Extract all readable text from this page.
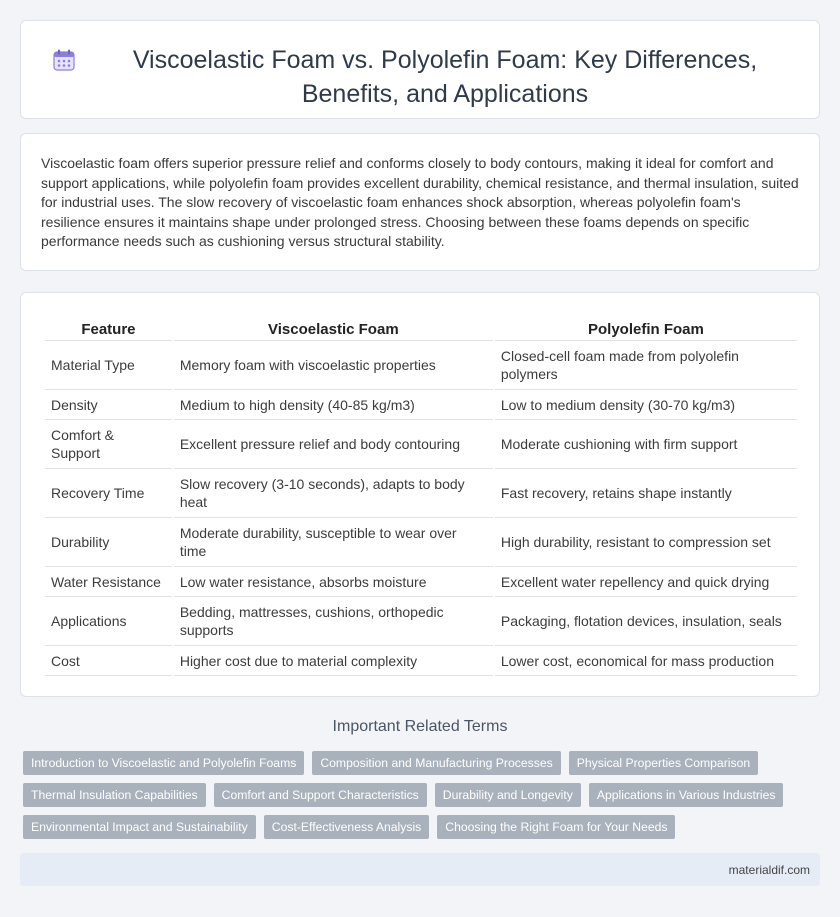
Viscoelastic Foam vs. Polyolefin Foam: Key Differences, Benefits, and Applications

Viscoelastic foam offers superior pressure relief and conforms closely to body contours, making it ideal for comfort and support applications, while polyolefin foam provides excellent durability, chemical resistance, and thermal insulation, suited for industrial uses. The slow recovery of viscoelastic foam enhances shock absorption, whereas polyolefin foam's resilience ensures it maintains shape under prolonged stress. Choosing between these foams depends on specific performance needs such as cushioning versus structural stability.

Feature	Viscoelastic Foam	Polyolefin Foam
Material Type	Memory foam with viscoelastic properties	Closed-cell foam made from polyolefin polymers
Density	Medium to high density (40-85 kg/m3)	Low to medium density (30-70 kg/m3)
Comfort & Support	Excellent pressure relief and body contouring	Moderate cushioning with firm support
Recovery Time	Slow recovery (3-10 seconds), adapts to body heat	Fast recovery, retains shape instantly
Durability	Moderate durability, susceptible to wear over time	High durability, resistant to compression set
Water Resistance	Low water resistance, absorbs moisture	Excellent water repellency and quick drying
Applications	Bedding, mattresses, cushions, orthopedic supports	Packaging, flotation devices, insulation, seals
Cost	Higher cost due to material complexity	Lower cost, economical for mass production
Important Related Terms
Introduction to Viscoelastic and Polyolefin Foams	Composition and Manufacturing Processes	Physical Properties Comparison
Thermal Insulation Capabilities	Comfort and Support Characteristics	Durability and Longevity	Applications in Various Industries
Environmental Impact and Sustainability	Cost-Effectiveness Analysis	Choosing the Right Foam for Your Needs
materialdif.com
